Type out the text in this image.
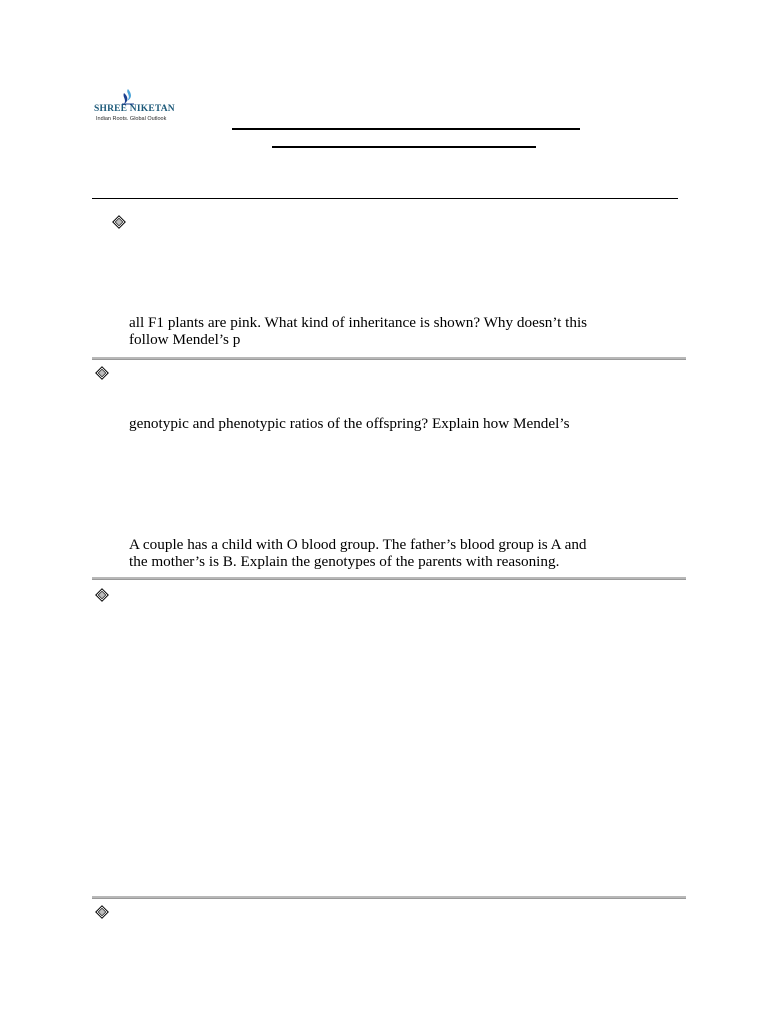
SHREE NIKETAN
Indian Roots. Global Outlook
all F1 plants are pink. What kind of inheritance is shown? Why doesn’t this
follow Mendel’s p
genotypic and phenotypic ratios of the offspring? Explain how Mendel’s
A couple has a child with O blood group. The father’s blood group is A and
the mother’s is B. Explain the genotypes of the parents with reasoning.
